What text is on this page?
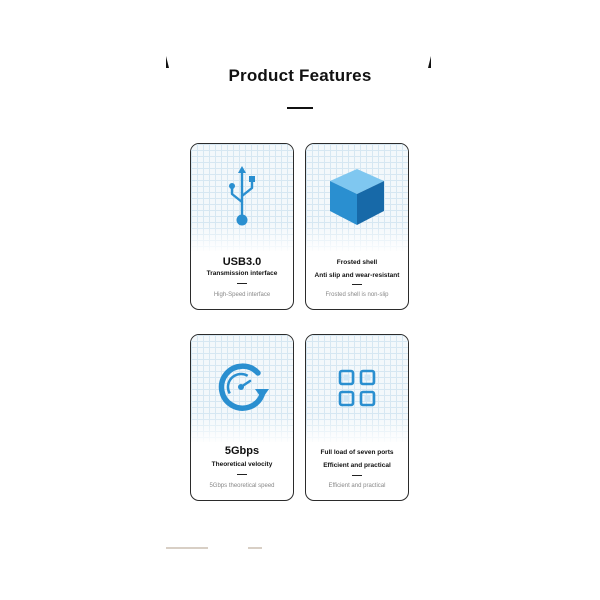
Product Features
USB3.0
Transmission interface
High-Speed interface
Frosted shell
Anti slip and wear-resistant
Frosted shell is non-slip
5Gbps
Theoretical velocity
5Gbps theoretical speed
Full load of seven ports
Efficient and practical
Efficient and practical
